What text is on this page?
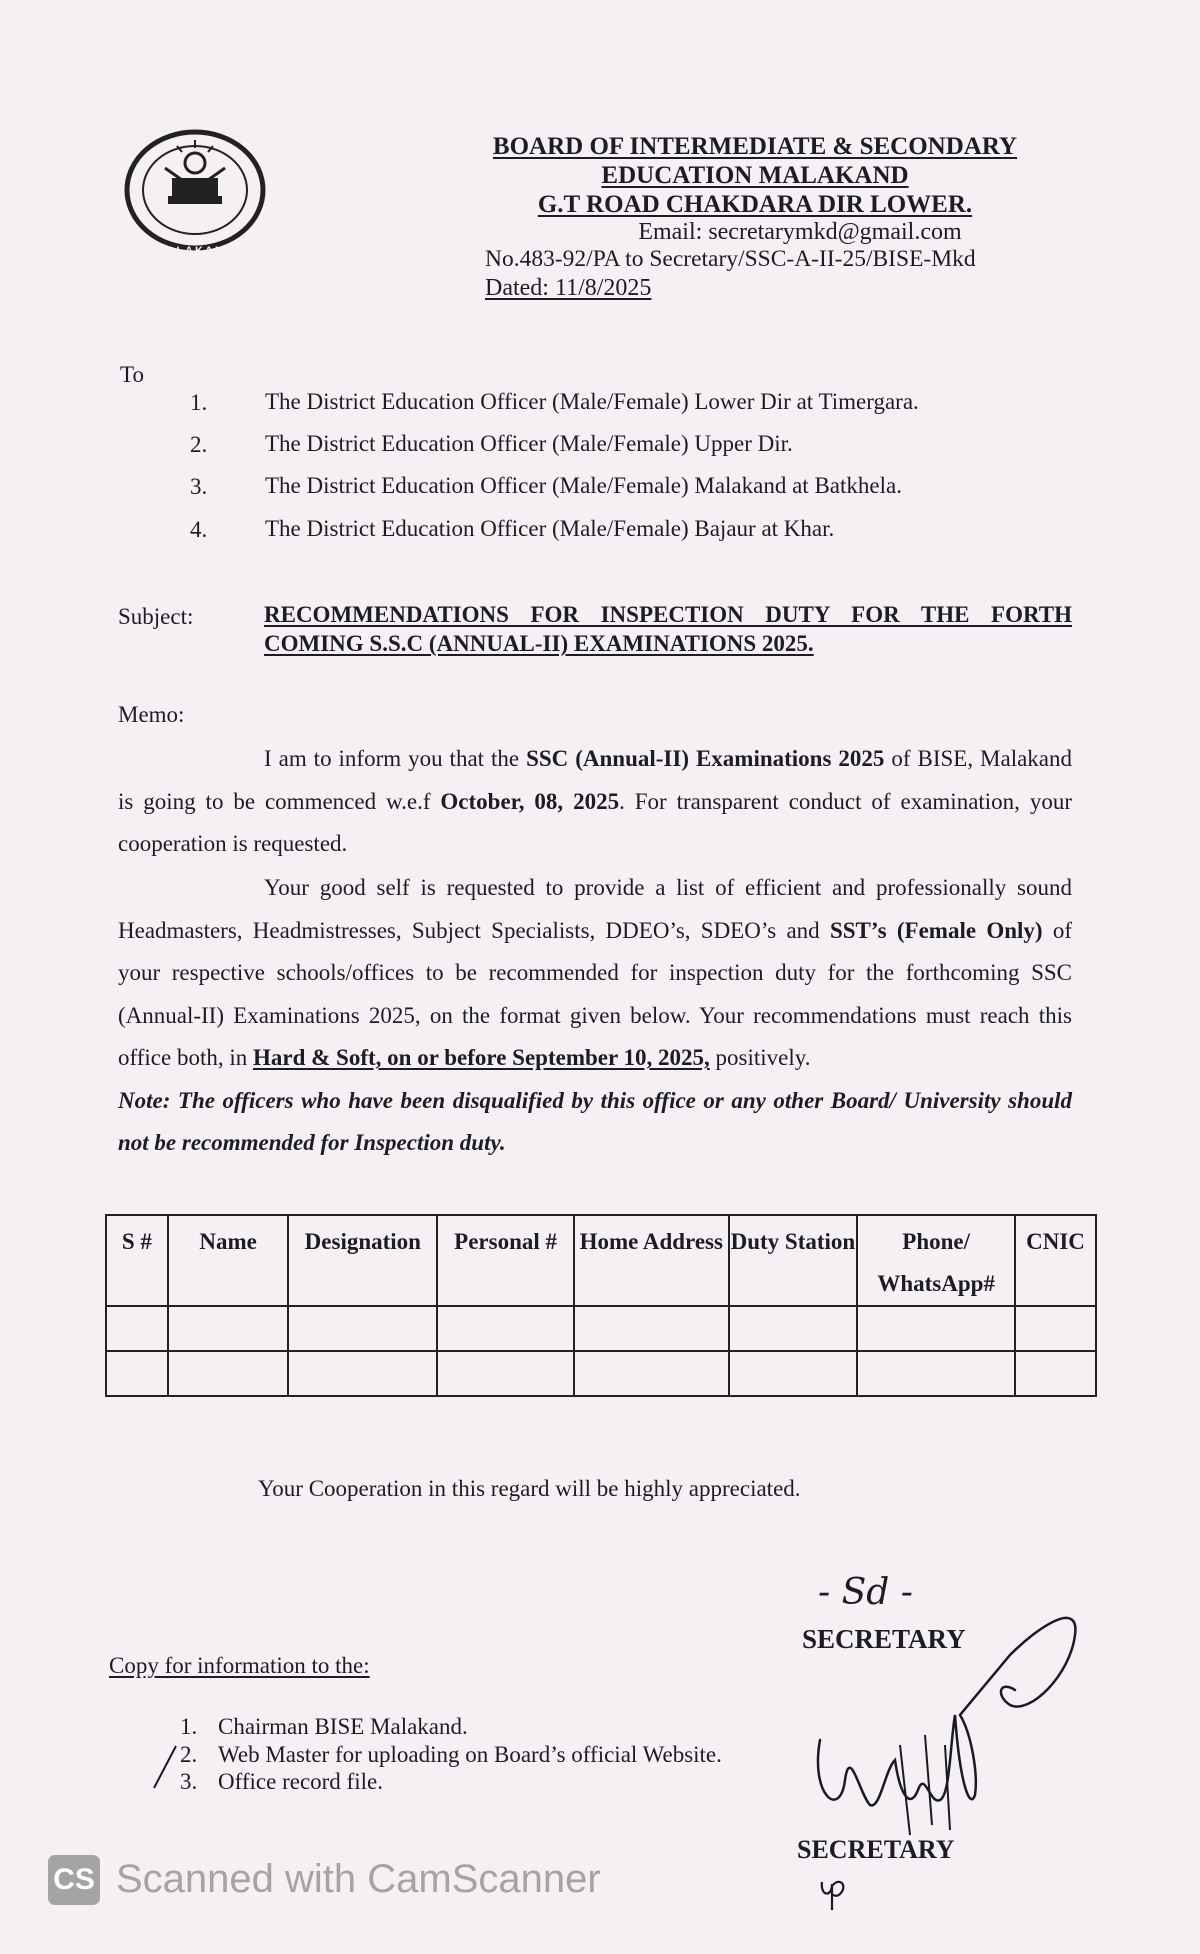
MALAKAND
BOARD OF INTERMEDIATE & SECONDARY
EDUCATION MALAKAND
G.T ROAD CHAKDARA DIR LOWER.
Email: secretarymkd@gmail.com
No.483-92/PA to Secretary/SSC-A-II-25/BISE-Mkd
Dated: 11/8/2025
To
1.	The District Education Officer (Male/Female) Lower Dir at Timergara.
2.	The District Education Officer (Male/Female) Upper Dir.
3.	The District Education Officer (Male/Female) Malakand at Batkhela.
4.	The District Education Officer (Male/Female) Bajaur at Khar.
Subject:	RECOMMENDATIONS FOR INSPECTION DUTY FOR THE FORTH
COMING S.S.C (ANNUAL-II) EXAMINATIONS 2025.
Memo:
I am to inform you that the SSC (Annual-II) Examinations 2025 of BISE, Malakand is going to be commenced w.e.f October, 08, 2025. For transparent conduct of examination, your cooperation is requested.
Your good self is requested to provide a list of efficient and professionally sound Headmasters, Headmistresses, Subject Specialists, DDEO’s, SDEO’s and SST’s (Female Only) of your respective schools/offices to be recommended for inspection duty for the forthcoming SSC (Annual-II) Examinations 2025, on the format given below. Your recommendations must reach this office both, in Hard & Soft, on or before September 10, 2025, positively.
Note: The officers who have been disqualified by this office or any other Board/ University should not be recommended for Inspection duty.
S #	Name	Designation	Personal #	Home Address	Duty Station	Phone/ WhatsApp#	CNIC

Your Cooperation in this regard will be highly appreciated.
- Sd -
SECRETARY
SECRETARY
Copy for information to the:
1. Chairman BISE Malakand.
2. Web Master for uploading on Board’s official Website.
3. Office record file.
CS Scanned with CamScanner
